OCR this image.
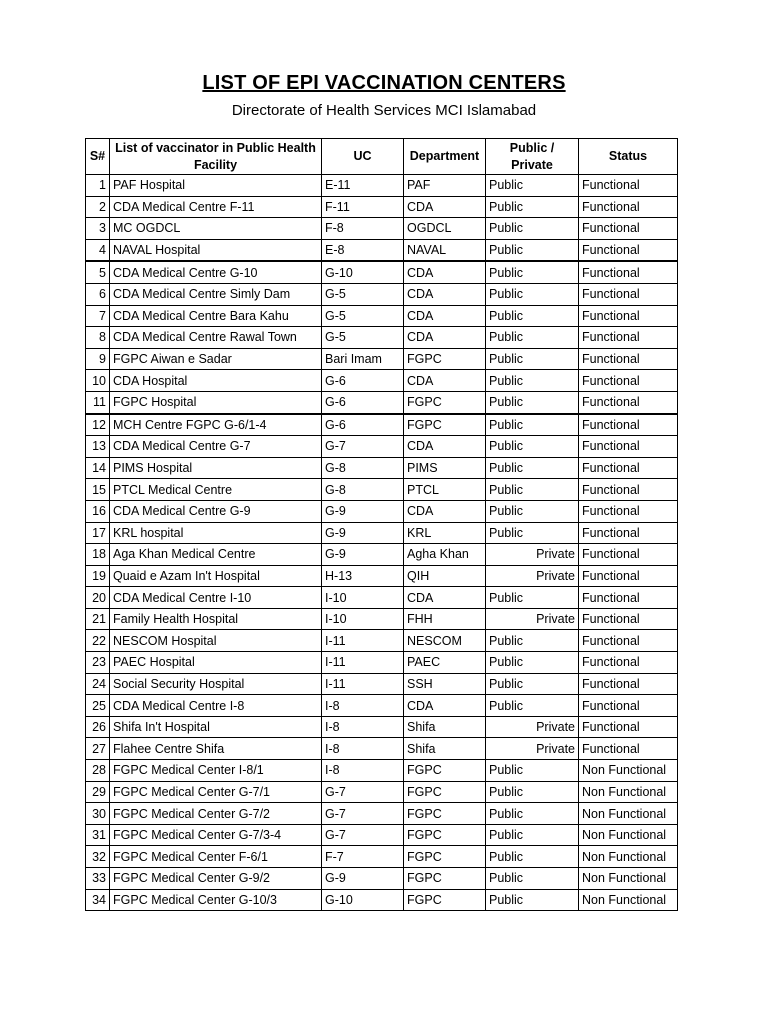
LIST OF EPI VACCINATION CENTERS
Directorate of Health Services MCI Islamabad
S#	List of vaccinator in Public Health Facility	UC	Department	Public / Private	Status
1	PAF Hospital	E-11	PAF	Public	Functional
2	CDA Medical Centre F-11	F-11	CDA	Public	Functional
3	MC OGDCL	F-8	OGDCL	Public	Functional
4	NAVAL Hospital	E-8	NAVAL	Public	Functional
5	CDA Medical Centre G-10	G-10	CDA	Public	Functional
6	CDA Medical Centre Simly Dam	G-5	CDA	Public	Functional
7	CDA Medical Centre Bara Kahu	G-5	CDA	Public	Functional
8	CDA Medical Centre Rawal Town	G-5	CDA	Public	Functional
9	FGPC Aiwan e Sadar	Bari Imam	FGPC	Public	Functional
10	CDA Hospital	G-6	CDA	Public	Functional
11	FGPC Hospital	G-6	FGPC	Public	Functional
12	MCH Centre FGPC G-6/1-4	G-6	FGPC	Public	Functional
13	CDA Medical Centre G-7	G-7	CDA	Public	Functional
14	PIMS Hospital	G-8	PIMS	Public	Functional
15	PTCL Medical Centre	G-8	PTCL	Public	Functional
16	CDA Medical Centre G-9	G-9	CDA	Public	Functional
17	KRL hospital	G-9	KRL	Public	Functional
18	Aga Khan Medical Centre	G-9	Agha Khan	Private	Functional
19	Quaid e Azam In't Hospital	H-13	QIH	Private	Functional
20	CDA Medical Centre I-10	I-10	CDA	Public	Functional
21	Family Health Hospital	I-10	FHH	Private	Functional
22	NESCOM Hospital	I-11	NESCOM	Public	Functional
23	PAEC Hospital	I-11	PAEC	Public	Functional
24	Social Security Hospital	I-11	SSH	Public	Functional
25	CDA Medical Centre I-8	I-8	CDA	Public	Functional
26	Shifa In't Hospital	I-8	Shifa	Private	Functional
27	Flahee Centre Shifa	I-8	Shifa	Private	Functional
28	FGPC Medical Center I-8/1	I-8	FGPC	Public	Non Functional
29	FGPC Medical Center G-7/1	G-7	FGPC	Public	Non Functional
30	FGPC Medical Center G-7/2	G-7	FGPC	Public	Non Functional
31	FGPC Medical Center G-7/3-4	G-7	FGPC	Public	Non Functional
32	FGPC Medical Center F-6/1	F-7	FGPC	Public	Non Functional
33	FGPC Medical Center G-9/2	G-9	FGPC	Public	Non Functional
34	FGPC Medical Center G-10/3	G-10	FGPC	Public	Non Functional
